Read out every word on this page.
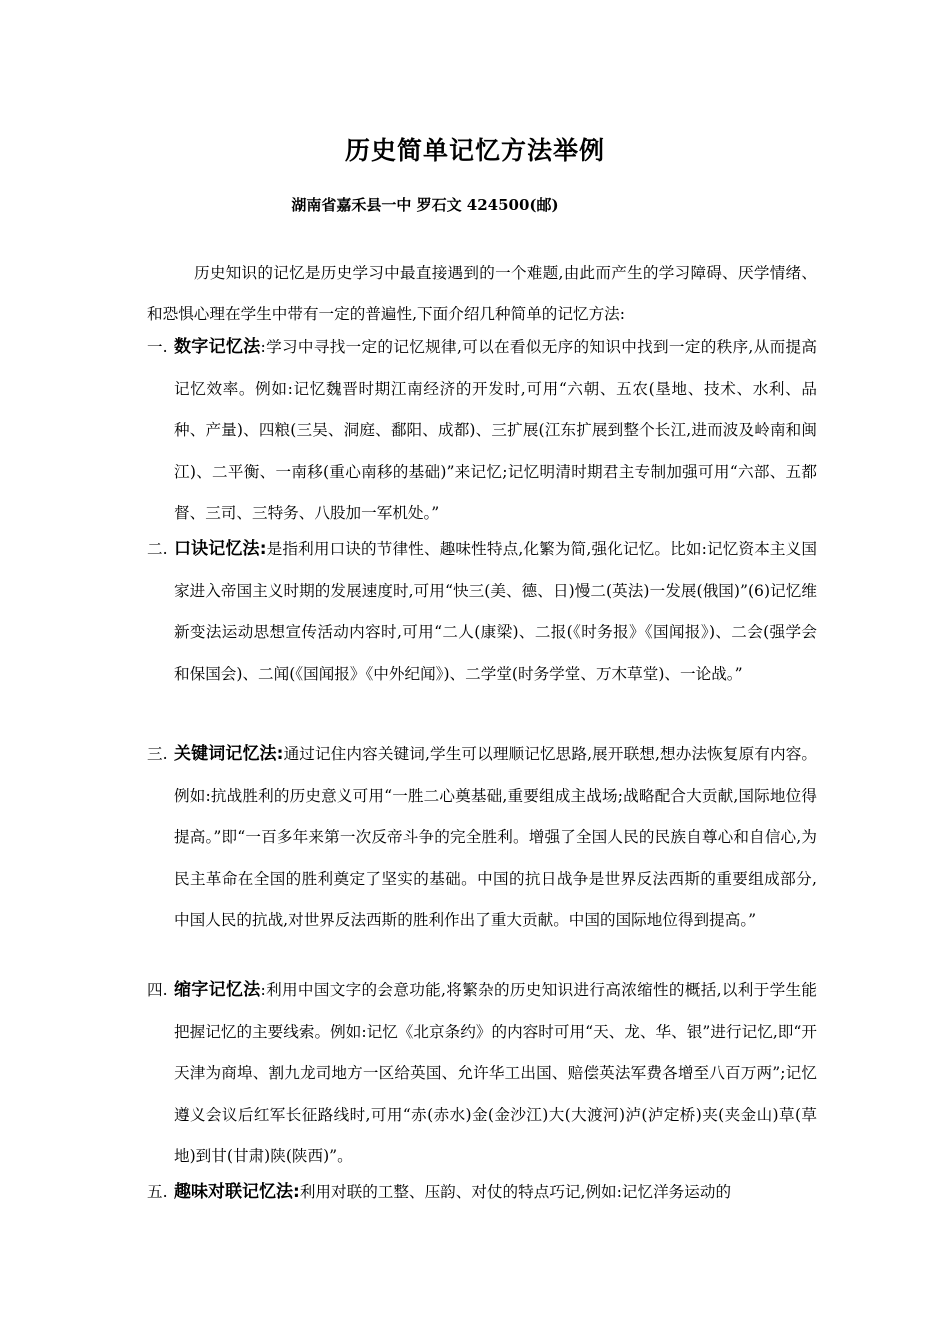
历史简单记忆方法举例
湖南省嘉禾县一中 罗石文 424500(邮)
历史知识的记忆是历史学习中最直接遇到的一个难题,由此而产生的学习障碍、厌学情绪、和恐惧心理在学生中带有一定的普遍性,下面介绍几种简单的记忆方法:
一. 数字记忆法:学习中寻找一定的记忆规律,可以在看似无序的知识中找到一定的秩序,从而提高记忆效率。例如:记忆魏晋时期江南经济的开发时,可用“六朝、五农(垦地、技术、水利、品种、产量)、四粮(三吴、洞庭、鄱阳、成都)、三扩展(江东扩展到整个长江,进而波及岭南和闽江)、二平衡、一南移(重心南移的基础)”来记忆;记忆明清时期君主专制加强可用“六部、五都督、三司、三特务、八股加一军机处。”
二. 口诀记忆法:是指利用口诀的节律性、趣味性特点,化繁为简,强化记忆。比如:记忆资本主义国家进入帝国主义时期的发展速度时,可用“快三(美、德、日)慢二(英法)一发展(俄国)”(6)记忆维新变法运动思想宣传活动内容时,可用“二人(康梁)、二报(《时务报》《国闻报》)、二会(强学会和保国会)、二闻(《国闻报》《中外纪闻》)、二学堂(时务学堂、万木草堂)、一论战。”
三. 关键词记忆法:通过记住内容关键词,学生可以理顺记忆思路,展开联想,想办法恢复原有内容。例如:抗战胜利的历史意义可用“一胜二心奠基础,重要组成主战场;战略配合大贡献,国际地位得提高。”即“一百多年来第一次反帝斗争的完全胜利。增强了全国人民的民族自尊心和自信心,为民主革命在全国的胜利奠定了坚实的基础。中国的抗日战争是世界反法西斯的重要组成部分,中国人民的抗战,对世界反法西斯的胜利作出了重大贡献。中国的国际地位得到提高。”
四. 缩字记忆法:利用中国文字的会意功能,将繁杂的历史知识进行高浓缩性的概括,以利于学生能把握记忆的主要线索。例如:记忆《北京条约》的内容时可用“天、龙、华、银”进行记忆,即“开天津为商埠、割九龙司地方一区给英国、允许华工出国、赔偿英法军费各增至八百万两”;记忆遵义会议后红军长征路线时,可用“赤(赤水)金(金沙江)大(大渡河)泸(泸定桥)夹(夹金山)草(草地)到甘(甘肃)陕(陕西)”。
五. 趣味对联记忆法:利用对联的工整、压韵、对仗的特点巧记,例如:记忆洋务运动的
